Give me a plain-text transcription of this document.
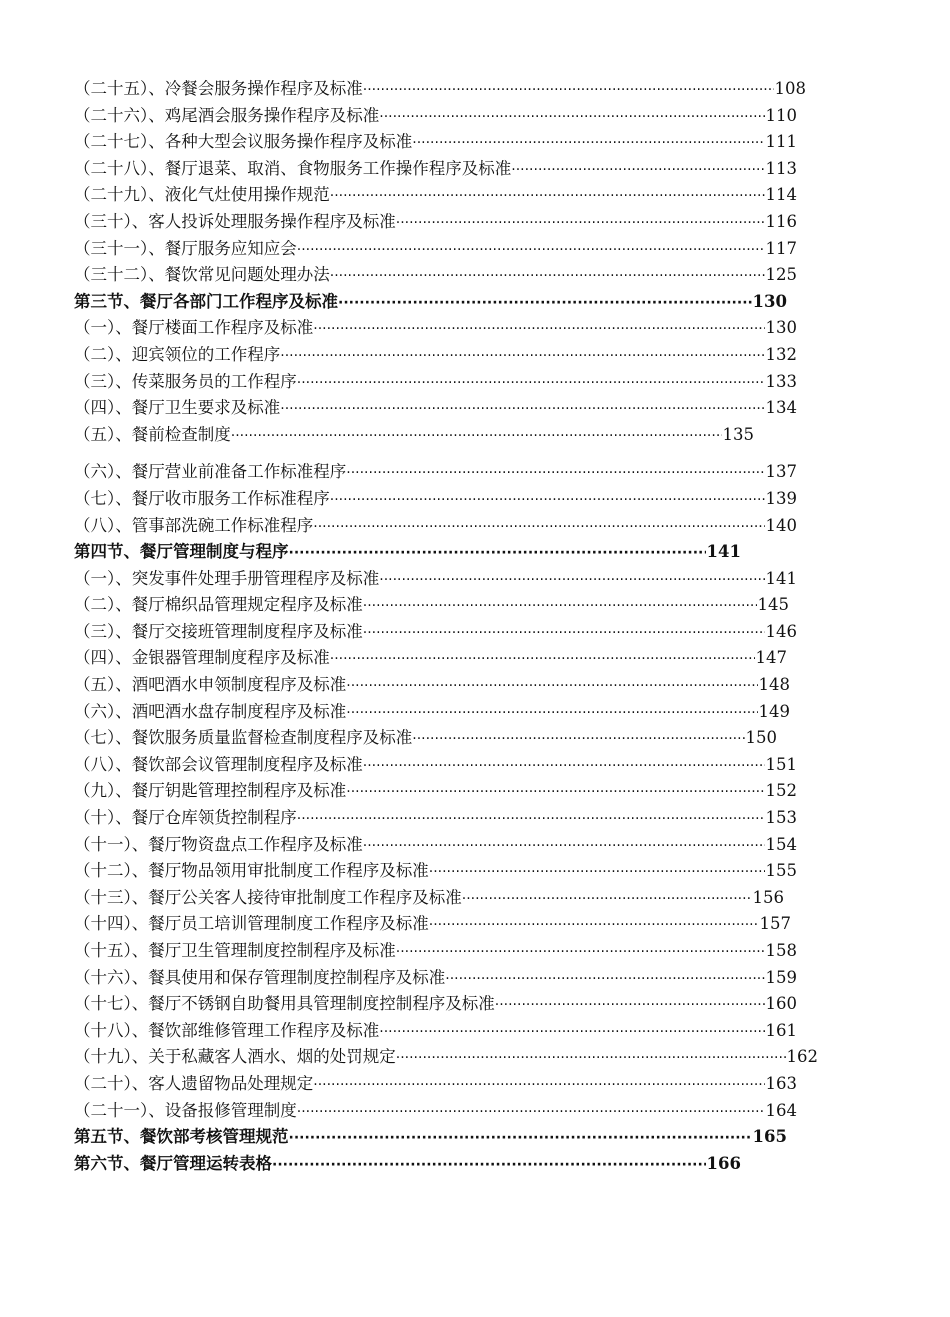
（二十五）、冷餐会服务操作程序及标准 ·····	108
（二十六）、鸡尾酒会服务操作程序及标准 ·····	110
（二十七）、各种大型会议服务操作程序及标准 ·····	111
（二十八）、餐厅退菜、取消、食物服务工作操作程序及标准 ·····	113
（二十九）、液化气灶使用操作规范 ·····	114
（三十）、客人投诉处理服务操作程序及标准 ·····	116
（三十一）、餐厅服务应知应会 ·····	117
（三十二）、餐饮常见问题处理办法 ·····	125
第三节、餐厅各部门工作程序及标准 ·····	130
（一）、餐厅楼面工作程序及标准 ·····	130
（二）、迎宾领位的工作程序 ·····	132
（三）、传菜服务员的工作程序 ·····	133
（四）、餐厅卫生要求及标准 ·····	134
（五）、餐前检查制度 ·····	135
（六）、餐厅营业前准备工作标准程序 ·····	137
（七）、餐厅收市服务工作标准程序 ·····	139
（八）、管事部洗碗工作标准程序 ·····	140
第四节、餐厅管理制度与程序 ·····	141
（一）、突发事件处理手册管理程序及标准 ·····	141
（二）、餐厅棉织品管理规定程序及标准 ·····	145
（三）、餐厅交接班管理制度程序及标准 ·····	146
（四）、金银器管理制度程序及标准 ·····	147
（五）、酒吧酒水申领制度程序及标准 ·····	148
（六）、酒吧酒水盘存制度程序及标准 ·····	149
（七）、餐饮服务质量监督检查制度程序及标准 ·····	150
（八）、餐饮部会议管理制度程序及标准 ·····	151
（九）、餐厅钥匙管理控制程序及标准 ·····	152
（十）、餐厅仓库领货控制程序 ·····	153
（十一）、餐厅物资盘点工作程序及标准 ·····	154
（十二）、餐厅物品领用审批制度工作程序及标准 ·····	155
（十三）、餐厅公关客人接待审批制度工作程序及标准 ·····	156
（十四）、餐厅员工培训管理制度工作程序及标准 ·····	157
（十五）、餐厅卫生管理制度控制程序及标准 ·····	158
（十六）、餐具使用和保存管理制度控制程序及标准 ·····	159
（十七）、餐厅不锈钢自助餐用具管理制度控制程序及标准 ·····	160
（十八）、餐饮部维修管理工作程序及标准 ·····	161
（十九）、关于私藏客人酒水、烟的处罚规定 ·····	162
（二十）、客人遗留物品处理规定 ·····	163
（二十一）、设备报修管理制度 ·····	164
第五节、餐饮部考核管理规范 ·····	165
第六节、餐厅管理运转表格 ·····	166
